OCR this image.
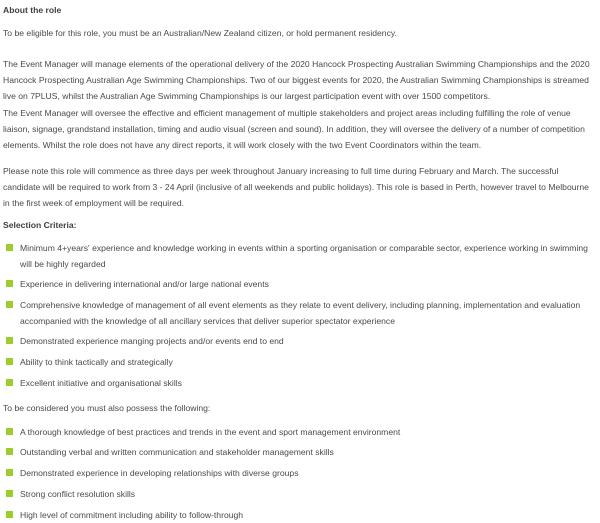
About the role

To be eligible for this role, you must be an Australian/New Zealand citizen, or hold permanent residency.

The Event Manager will manage elements of the operational delivery of the 2020 Hancock Prospecting Australian Swimming Championships and the 2020 Hancock Prospecting Australian Age Swimming Championships. Two of our biggest events for 2020, the Australian Swimming Championships is streamed live on 7PLUS, whilst the Australian Age Swimming Championships is our largest participation event with over 1500 competitors.

The Event Manager will oversee the effective and efficient management of multiple stakeholders and project areas including fulfilling the role of venue liaison, signage, grandstand installation, timing and audio visual (screen and sound). In addition, they will oversee the delivery of a number of competition elements. Whilst the role does not have any direct reports, it will work closely with the two Event Coordinators within the team.

Please note this role will commence as three days per week throughout January increasing to full time during February and March. The successful candidate will be required to work from 3 - 24 April (inclusive of all weekends and public holidays). This role is based in Perth, however travel to Melbourne in the first week of employment will be required.

Selection Criteria:

Minimum 4+years' experience and knowledge working in events within a sporting organisation or comparable sector, experience working in swimming will be highly regarded
Experience in delivering international and/or large national events
Comprehensive knowledge of management of all event elements as they relate to event delivery, including planning, implementation and evaluation accompanied with the knowledge of all ancillary services that deliver superior spectator experience
Demonstrated experience manging projects and/or events end to end
Ability to think tactically and strategically
Excellent initiative and organisational skills

To be considered you must also possess the following:

A thorough knowledge of best practices and trends in the event and sport management environment
Outstanding verbal and written communication and stakeholder management skills
Demonstrated experience in developing relationships with diverse groups
Strong conflict resolution skills
High level of commitment including ability to follow-through
